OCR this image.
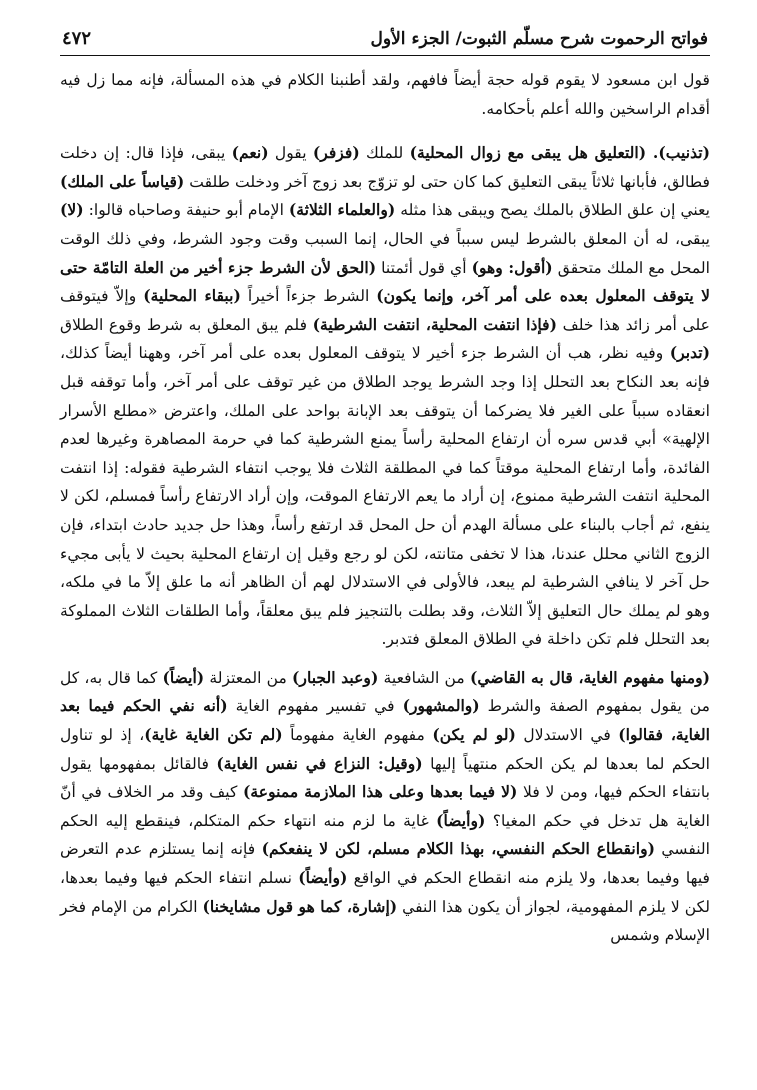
فواتح الرحموت شرح مسلّم الثبوت/ الجزء الأول
٤٧٢

قول ابن مسعود لا يقوم قوله حجة أيضاً فافهم، ولقد أطنبنا الكلام في هذه المسألة، فإنه مما زل فيه أقدام الراسخين والله أعلم بأحكامه.

(تذنيب). (التعليق هل يبقى مع زوال المحلية) للملك (فزفر) يقول (نعم) يبقى، فإذا قال: إن دخلت فطالق، فأبانها ثلاثاً يبقى التعليق كما كان حتى لو تزوّج بعد زوج آخر ودخلت طلقت (قياساً على الملك) يعني إن علق الطلاق بالملك يصح ويبقى هذا مثله (والعلماء الثلاثة) الإمام أبو حنيفة وصاحباه قالوا: (لا) يبقى، له أن المعلق بالشرط ليس سبباً في الحال، إنما السبب وقت وجود الشرط، وفي ذلك الوقت المحل مع الملك متحقق (أقول: وهو) أي قول أئمتنا (الحق لأن الشرط جزء أخير من العلة التامّة حتى لا يتوقف المعلول بعده على أمر آخر، وإنما يكون) الشرط جزءاً أخيراً (ببقاء المحلية) وإلاّ فيتوقف على أمر زائد هذا خلف (فإذا انتفت المحلية، انتفت الشرطية) فلم يبق المعلق به شرط وقوع الطلاق (تدبر) وفيه نظر، هب أن الشرط جزء أخير لا يتوقف المعلول بعده على أمر آخر، وههنا أيضاً كذلك، فإنه بعد النكاح بعد التحلل إذا وجد الشرط يوجد الطلاق من غير توقف على أمر آخر، وأما توقفه قبل انعقاده سبباً على الغير فلا يضركما أن يتوقف بعد الإبانة بواحد على الملك، واعترض «مطلع الأسرار الإلهية» أبي قدس سره أن ارتفاع المحلية رأساً يمنع الشرطية كما في حرمة المصاهرة وغيرها لعدم الفائدة، وأما ارتفاع المحلية موقتاً كما في المطلقة الثلاث فلا يوجب انتفاء الشرطية فقوله: إذا انتفت المحلية انتفت الشرطية ممنوع، إن أراد ما يعم الارتفاع الموقت، وإن أراد الارتفاع رأساً فمسلم، لكن لا ينفع، ثم أجاب بالبناء على مسألة الهدم أن حل المحل قد ارتفع رأساً، وهذا حل جديد حادث ابتداء، فإن الزوج الثاني محلل عندنا، هذا لا تخفى متانته، لكن لو رجع وقيل إن ارتفاع المحلية بحيث لا يأبى مجيء حل آخر لا ينافي الشرطية لم يبعد، فالأولى في الاستدلال لهم أن الظاهر أنه ما علق إلاّ ما في ملكه، وهو لم يملك حال التعليق إلاّ الثلاث، وقد بطلت بالتنجيز فلم يبق معلقاً، وأما الطلقات الثلاث المملوكة بعد التحلل فلم تكن داخلة في الطلاق المعلق فتدبر.

(ومنها مفهوم الغاية، قال به القاضي) من الشافعية (وعبد الجبار) من المعتزلة (أيضاً) كما قال به، كل من يقول بمفهوم الصفة والشرط (والمشهور) في تفسير مفهوم الغاية (أنه نفي الحكم فيما بعد الغاية، فقالوا) في الاستدلال (لو لم يكن) مفهوم الغاية مفهوماً (لم تكن الغاية غاية)، إذ لو تناول الحكم لما بعدها لم يكن الحكم منتهياً إليها (وقيل: النزاع في نفس الغاية) فالقائل بمفهومها يقول بانتفاء الحكم فيها، ومن لا فلا (لا فيما بعدها وعلى هذا الملازمة ممنوعة) كيف وقد مر الخلاف في أنّ الغاية هل تدخل في حكم المغيا؟ (وأيضاً) غاية ما لزم منه انتهاء حكم المتكلم، فينقطع إليه الحكم النفسي (وانقطاع الحكم النفسي، بهذا الكلام مسلم، لكن لا ينفعكم) فإنه إنما يستلزم عدم التعرض فيها وفيما بعدها، ولا يلزم منه انقطاع الحكم في الواقع (وأيضاً) نسلم انتفاء الحكم فيها وفيما بعدها، لكن لا يلزم المفهومية، لجواز أن يكون هذا النفي (إشارة، كما هو قول مشايخنا) الكرام من الإمام فخر الإسلام وشمس
